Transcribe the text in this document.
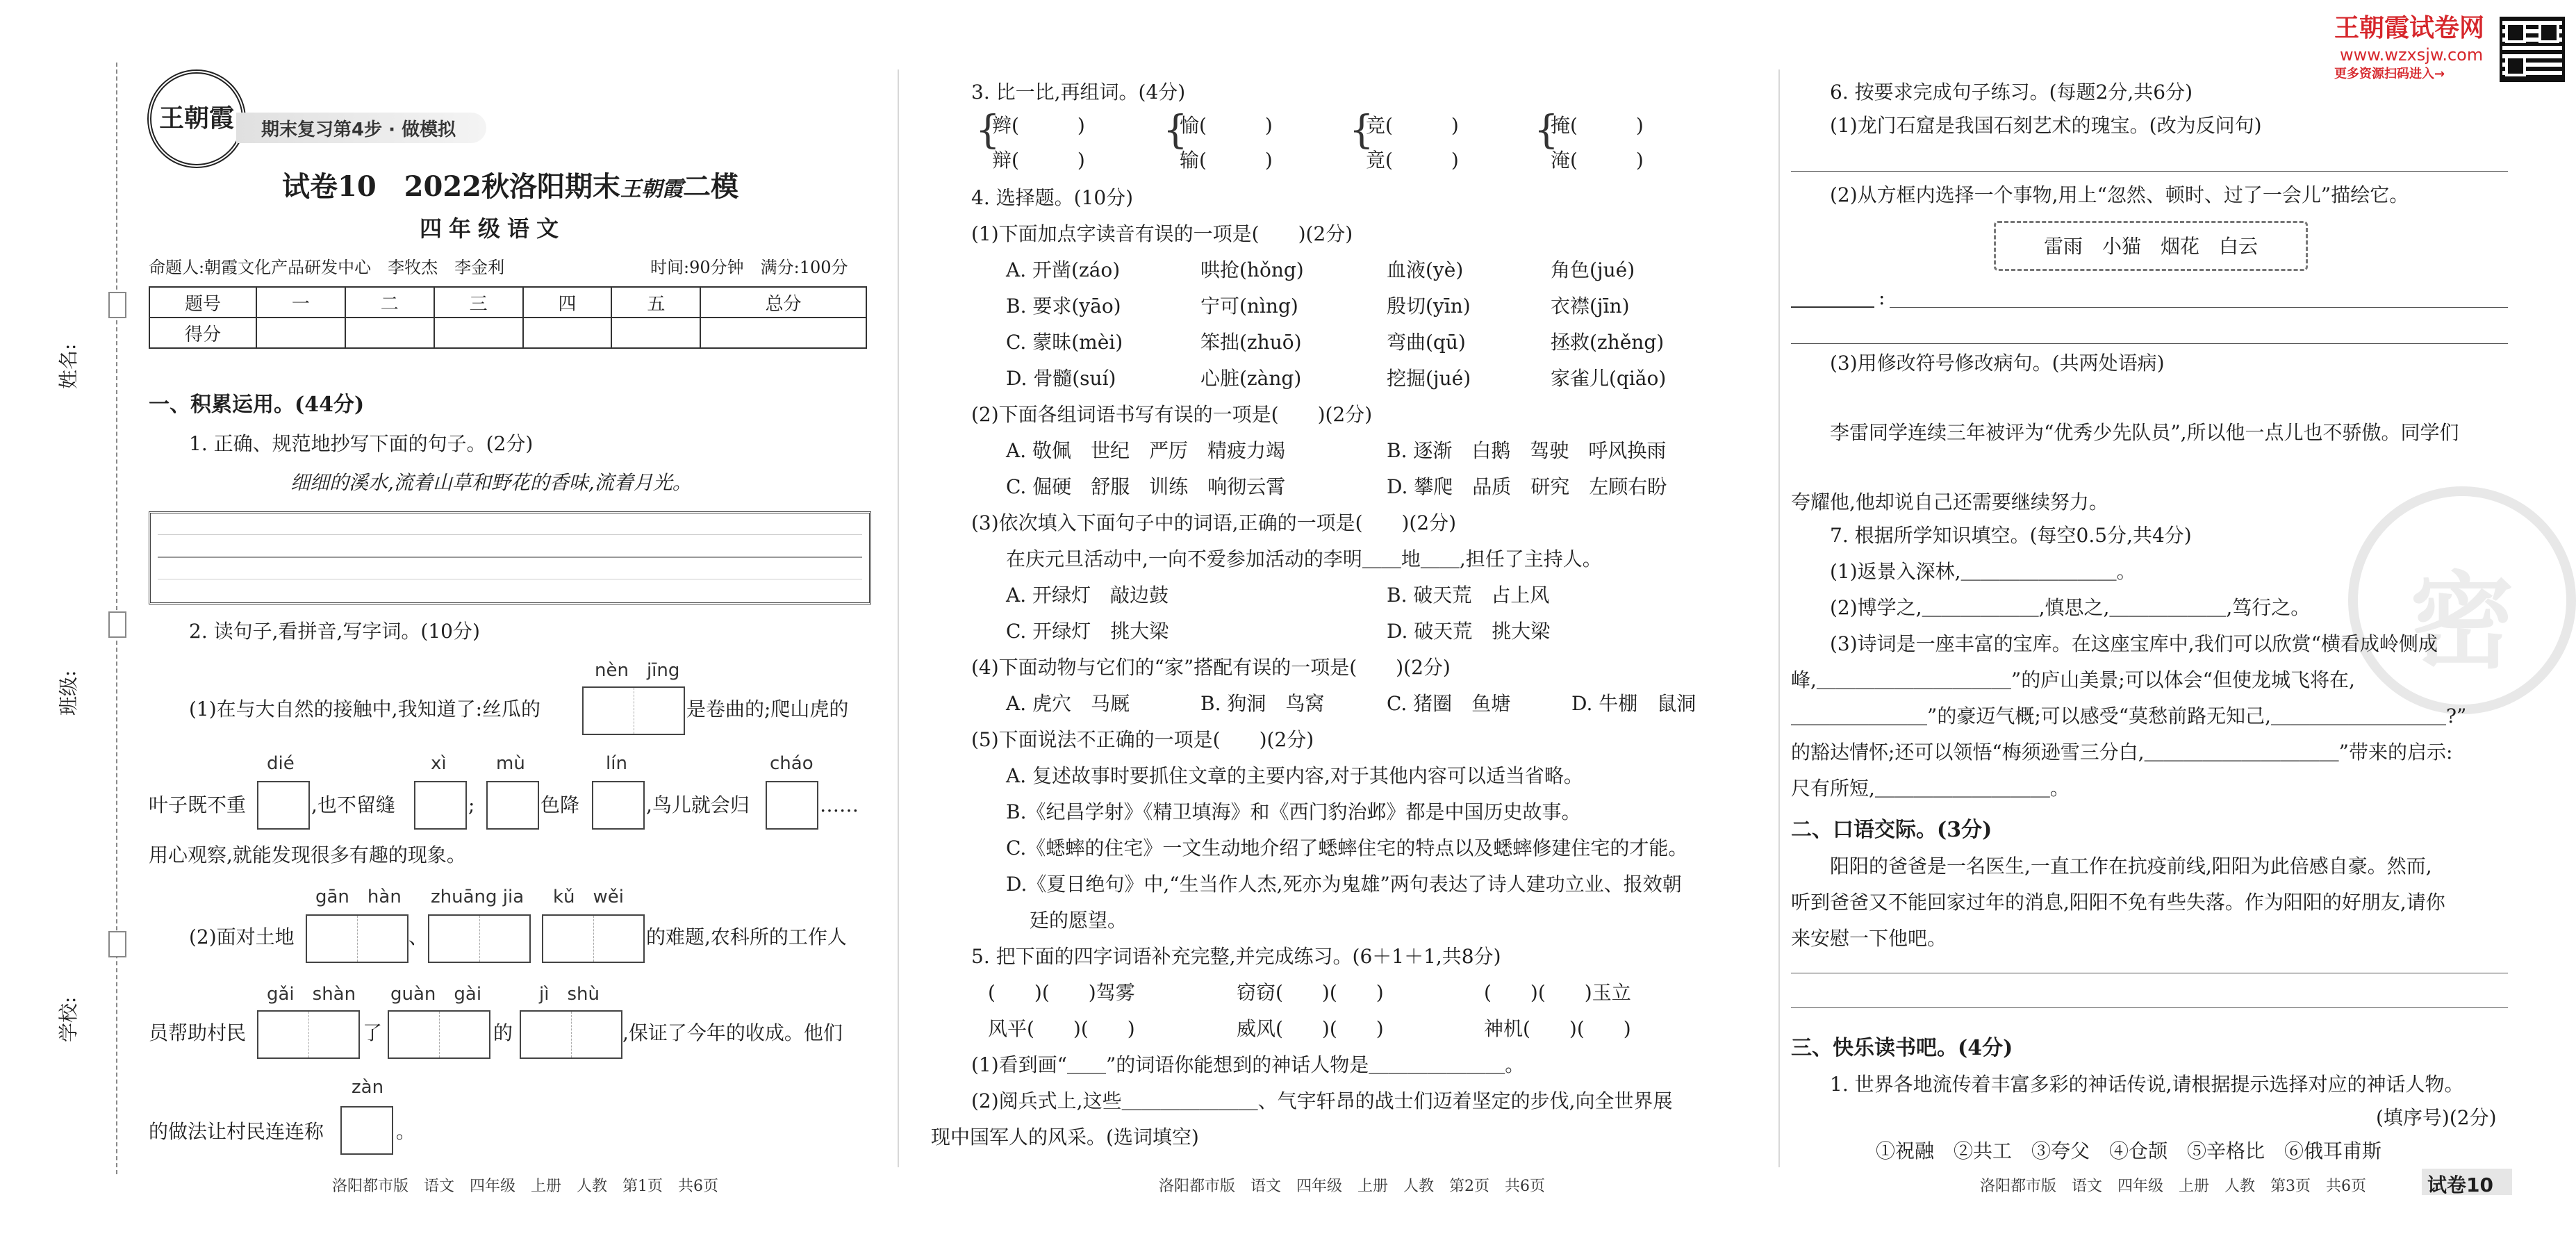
姓名:
班级:
学校:
王朝霞	期末复习第4步 · 做模拟
试卷10　2022秋洛阳期末王朝霞二模
四年级语文
命题人:朝霞文化产品研发中心　李牧杰　李金利	时间:90分钟　满分:100分
题号	一	二	三	四	五	总分
得分						
一、积累运用。(44分)
1. 正确、规范地抄写下面的句子。(2分)
细细的溪水,流着山草和野花的香味,流着月光。
2. 读句子,看拼音,写字词。(10分)
nèn　jīng
(1)在与大自然的接触中,我知道了:丝瓜的	是卷曲的;爬山虎的
dié	xì	mù	lín	cháo
叶子既不重	,也不留缝	;	色降	,鸟儿就会归	……
用心观察,就能发现很多有趣的现象。
gān　hàn zhuāng jia kǔ　wěi
(2)面对土地	、	的难题,农科所的工作人
gǎi　shàn guàn　gài	jì　shù
员帮助村民	了	的	,保证了今年的收成。他们
zàn
的做法让村民连连称	。
洛阳都市版　语文　四年级　上册　人教　第1页　共6页
3. 比一比,再组词。(4分)
{
辫(　　　)
辩(　　　)
{
愉(　　　)
输(　　　)
{
竞(　　　)
竟(　　　)
{
掩(　　　)
淹(　　　)
4. 选择题。(10分)
(1)下面加点字读音有误的一项是(　　)(2分)
A. 开凿(záo)	哄抢(hǒng)	血液(yè)	角色(jué)
B. 要求(yāo)	宁可(nìng)	殷切(yīn)	衣襟(jīn)
C. 蒙昧(mèi)	笨拙(zhuō)	弯曲(qū)	拯救(zhěng)
D. 骨髓(suí)	心脏(zàng)	挖掘(jué)	家雀儿(qiǎo)
(2)下面各组词语书写有误的一项是(　　)(2分)
A. 敬佩　世纪　严厉　精疲力竭	B. 逐渐　白鹅　驾驶　呼风换雨
C. 倔硬　舒服　训练　响彻云霄	D. 攀爬　品质　研究　左顾右盼
(3)依次填入下面句子中的词语,正确的一项是(　　)(2分)
在庆元旦活动中,一向不爱参加活动的李明＿＿地＿＿,担任了主持人。
A. 开绿灯　敲边鼓	B. 破天荒　占上风
C. 开绿灯　挑大梁	D. 破天荒　挑大梁
(4)下面动物与它们的“家”搭配有误的一项是(　　)(2分)
A. 虎穴　马厩	B. 狗洞　鸟窝	C. 猪圈　鱼塘	D. 牛棚　鼠洞
(5)下面说法不正确的一项是(　　)(2分)
A. 复述故事时要抓住文章的主要内容,对于其他内容可以适当省略。
B.《纪昌学射》《精卫填海》和《西门豹治邺》都是中国历史故事。
C.《蟋蟀的住宅》一文生动地介绍了蟋蟀住宅的特点以及蟋蟀修建住宅的才能。
D.《夏日绝句》中,“生当作人杰,死亦为鬼雄”两句表达了诗人建功立业、报效朝
廷的愿望。
5. 把下面的四字词语补充完整,并完成练习。(6＋1＋1,共8分)
(　　)(　　)驾雾	窃窃(　　)(　　)	(　　)(　　)玉立
风平(　　)(　　)	威风(　　)(　　)	神机(　　)(　　)
(1)看到画“＿＿”的词语你能想到的神话人物是＿＿＿＿＿＿＿。
(2)阅兵式上,这些＿＿＿＿＿＿＿、气宇轩昂的战士们迈着坚定的步伐,向全世界展
现中国军人的风采。(选词填空)
洛阳都市版　语文　四年级　上册　人教　第2页　共6页
王朝霞试卷网
www.wzxsjw.com
更多资源扫码进入→
密
6. 按要求完成句子练习。(每题2分,共6分)
(1)龙门石窟是我国石刻艺术的瑰宝。(改为反问句)
(2)从方框内选择一个事物,用上“忽然、顿时、过了一会儿”描绘它。
雷雨　小猫　烟花　白云
:
(3)用修改符号修改病句。(共两处语病)
李雷同学连续三年被评为“优秀少先队员”,所以他一点儿也不骄傲。同学们
夸耀他,他却说自己还需要继续努力。
7. 根据所学知识填空。(每空0.5分,共4分)
(1)返景入深林,＿＿＿＿＿＿＿＿。
(2)博学之,＿＿＿＿＿＿,慎思之,＿＿＿＿＿＿,笃行之。
(3)诗词是一座丰富的宝库。在这座宝库中,我们可以欣赏“横看成岭侧成
峰,＿＿＿＿＿＿＿＿＿＿”的庐山美景;可以体会“但使龙城飞将在,
＿＿＿＿＿＿＿”的豪迈气概;可以感受“莫愁前路无知己,＿＿＿＿＿＿＿＿＿?”
的豁达情怀;还可以领悟“梅须逊雪三分白,＿＿＿＿＿＿＿＿＿＿”带来的启示:
尺有所短,＿＿＿＿＿＿＿＿＿。
二、口语交际。(3分)
阳阳的爸爸是一名医生,一直工作在抗疫前线,阳阳为此倍感自豪。然而,
听到爸爸又不能回家过年的消息,阳阳不免有些失落。作为阳阳的好朋友,请你
来安慰一下他吧。
三、快乐读书吧。(4分)
1. 世界各地流传着丰富多彩的神话传说,请根据提示选择对应的神话人物。
(填序号)(2分)
①祝融　②共工　③夸父　④仓颉　⑤辛格比　⑥俄耳甫斯
洛阳都市版　语文　四年级　上册　人教　第3页　共6页	试卷10
